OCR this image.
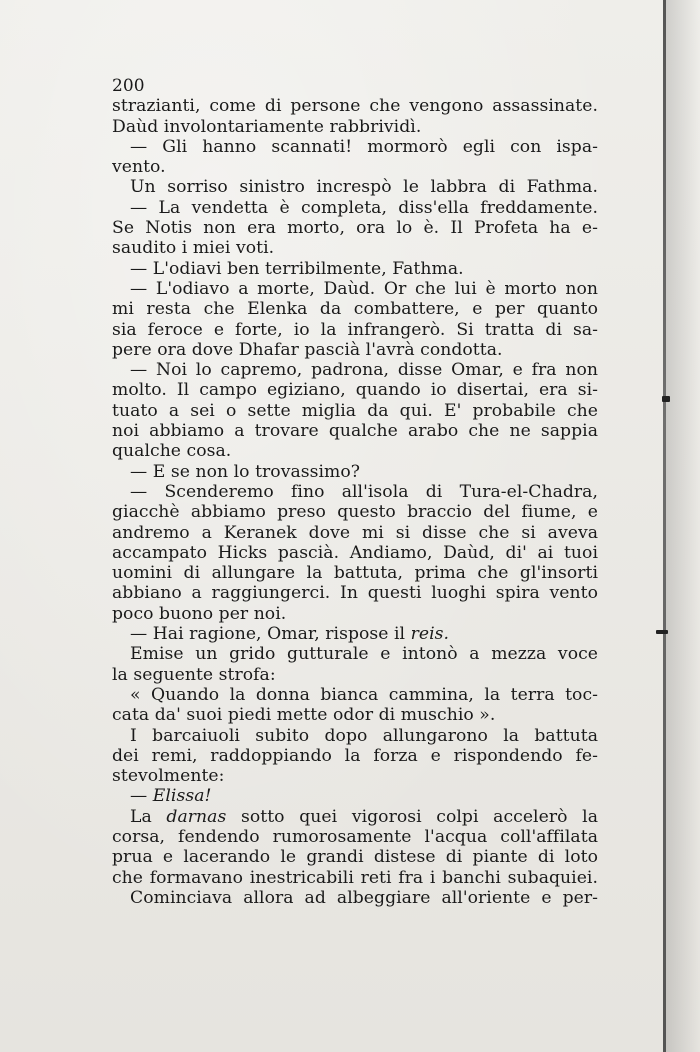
200
strazianti, come di persone che vengono assassinate.
Daùd involontariamente rabbrividì.
— Gli hanno scannati! mormorò egli con ispa-
vento.
Un sorriso sinistro increspò le labbra di Fathma.
— La vendetta è completa, diss'ella freddamente.
Se Notis non era morto, ora lo è. Il Profeta ha e-
saudito i miei voti.
— L'odiavi ben terribilmente, Fathma.
— L'odiavo a morte, Daùd. Or che lui è morto non
mi resta che Elenka da combattere, e per quanto
sia feroce e forte, io la infrangerò. Si tratta di sa-
pere ora dove Dhafar pascià l'avrà condotta.
— Noi lo capremo, padrona, disse Omar, e fra non
molto. Il campo egiziano, quando io disertai, era si-
tuato a sei o sette miglia da qui. E' probabile che
noi abbiamo a trovare qualche arabo che ne sappia
qualche cosa.
— E se non lo trovassimo?
— Scenderemo fino all'isola di Tura-el-Chadra,
giacchè abbiamo preso questo braccio del fiume, e
andremo a Keranek dove mi si disse che si aveva
accampato Hicks pascià. Andiamo, Daùd, di' ai tuoi
uomini di allungare la battuta, prima che gl'insorti
abbiano a raggiungerci. In questi luoghi spira vento
poco buono per noi.
— Hai ragione, Omar, rispose il reis.
Emise un grido gutturale e intonò a mezza voce
la seguente strofa:
« Quando la donna bianca cammina, la terra toc-
cata da' suoi piedi mette odor di muschio ».
I barcaiuoli subito dopo allungarono la battuta
dei remi, raddoppiando la forza e rispondendo fe-
stevolmente:
— Elissa!
La darnas sotto quei vigorosi colpi accelerò la
corsa, fendendo rumorosamente l'acqua coll'affilata
prua e lacerando le grandi distese di piante di loto
che formavano inestricabili reti fra i banchi subaquiei.
Cominciava allora ad albeggiare all'oriente e per-
